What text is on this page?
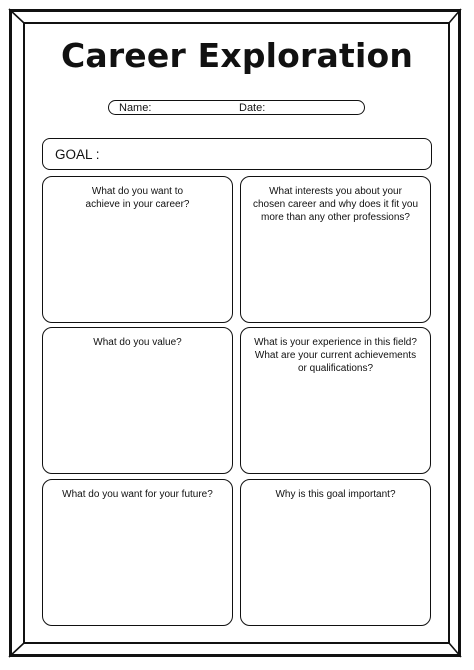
Career Exploration
Name:	Date:
GOAL :
What do you want to
achieve in your career?
What interests you about your
chosen career and why does it fit you
more than any other professions?
What do you value?	What is your experience in this field?
What are your current achievements
or qualifications?
What do you want for your future?	Why is this goal important?
